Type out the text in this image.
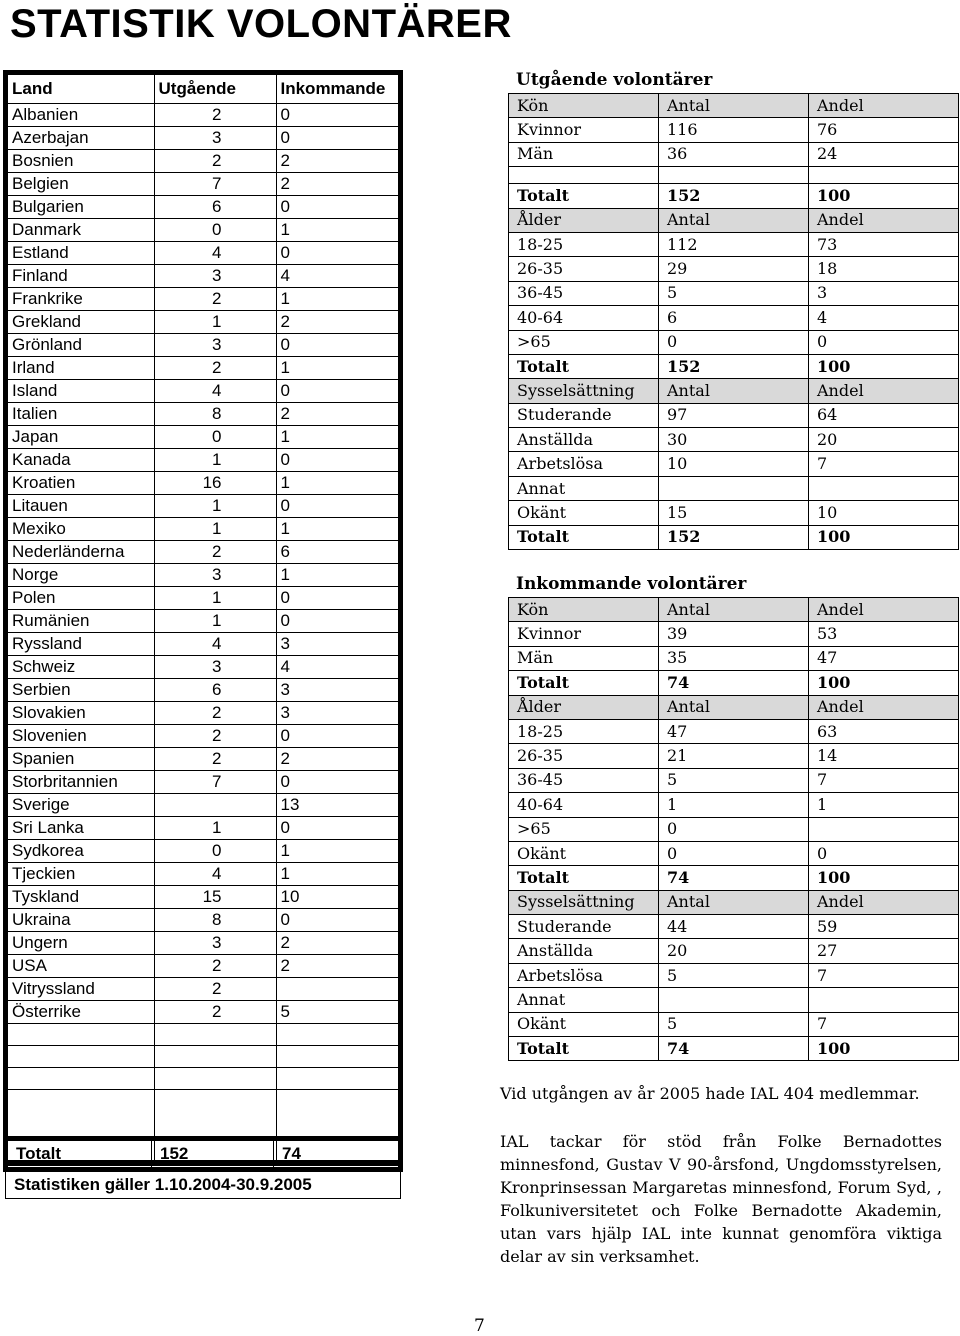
STATISTIK VOLONTÄRER
Land	Utgående	Inkommande
Albanien	2	0
Azerbajan	3	0
Bosnien	2	2
Belgien	7	2
Bulgarien	6	0
Danmark	0	1
Estland	4	0
Finland	3	4
Frankrike	2	1
Grekland	1	2
Grönland	3	0
Irland	2	1
Island	4	0
Italien	8	2
Japan	0	1
Kanada	1	0
Kroatien	16	1
Litauen	1	0
Mexiko	1	1
Nederländerna	2	6
Norge	3	1
Polen	1	0
Rumänien	1	0
Ryssland	4	3
Schweiz	3	4
Serbien	6	3
Slovakien	2	3
Slovenien	2	0
Spanien	2	2
Storbritannien	7	0
Sverige		13
Sri Lanka	1	0
Sydkorea	0	1
Tjeckien	4	1
Tyskland	15	10
Ukraina	8	0
Ungern	3	2
USA	2	2
Vitryssland	2	
Österrike	2	5

Totalt	152	74
Statistiken gäller 1.10.2004-30.9.2005
Utgående volontärer
Kön	Antal	Andel
Kvinnor	116	76
Män	36	24

Totalt	152	100
Ålder	Antal	Andel
18-25	112	73
26-35	29	18
36-45	5	3
40-64	6	4
>65	0	0
Totalt	152	100
Sysselsättning	Antal	Andel
Studerande	97	64
Anställda	30	20
Arbetslösa	10	7
Annat		
Okänt	15	10
Totalt	152	100
Inkommande volontärer
Kön	Antal	Andel
Kvinnor	39	53
Män	35	47
Totalt	74	100
Ålder	Antal	Andel
18-25	47	63
26-35	21	14
36-45	5	7
40-64	1	1
>65	0	
Okänt	0	0
Totalt	74	100
Sysselsättning	Antal	Andel
Studerande	44	59
Anställda	20	27
Arbetslösa	5	7
Annat		
Okänt	5	7
Totalt	74	100
Vid utgången av år 2005 hade IAL 404 medlemmar.
IAL tackar för stöd från Folke Bernadottes minnesfond, Gustav V 90-årsfond, Ungdomsstyrelsen, Kronprinsessan Margaretas minnesfond, Forum Syd, , Folkuniversitetet och Folke Bernadotte Akademin, utan vars hjälp IAL inte kunnat genomföra viktiga delar av sin verksamhet.
7
